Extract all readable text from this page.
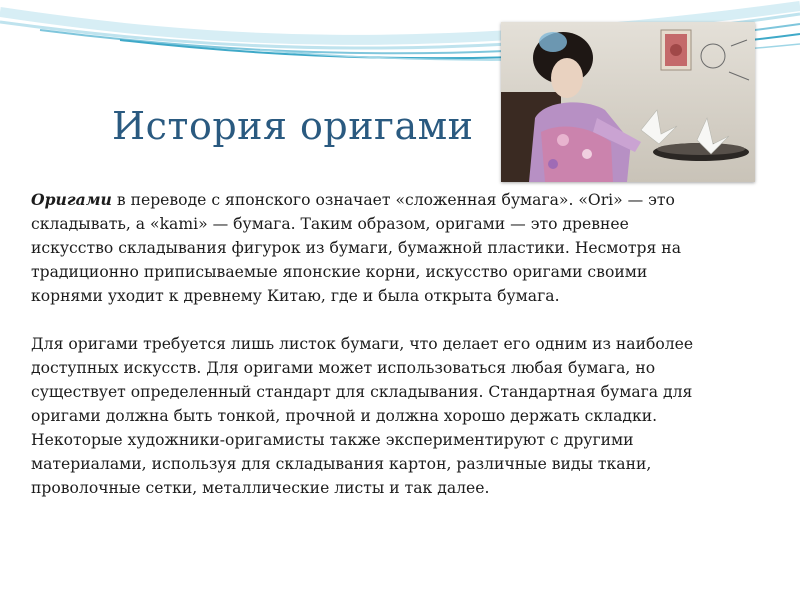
История оригами

Оригами в переводе с японского означает «сложенная бумага». «Ori» — это складывать, а «kami» — бумага. Таким образом, оригами — это древнее искусство складывания фигурок из бумаги, бумажной пластики. Несмотря на традиционно приписываемые японские корни, искусство оригами своими корнями уходит к древнему Китаю, где и была открыта бумага.

Для оригами требуется лишь листок бумаги, что делает его одним из наиболее доступных искусств. Для оригами может использоваться любая бумага, но существует определенный стандарт для складывания. Стандартная бумага для оригами должна быть тонкой, прочной и должна хорошо держать складки. Некоторые художники-оригамисты также экспериментируют с другими материалами, используя для складывания картон, различные виды ткани, проволочные сетки, металлические листы и так далее.
